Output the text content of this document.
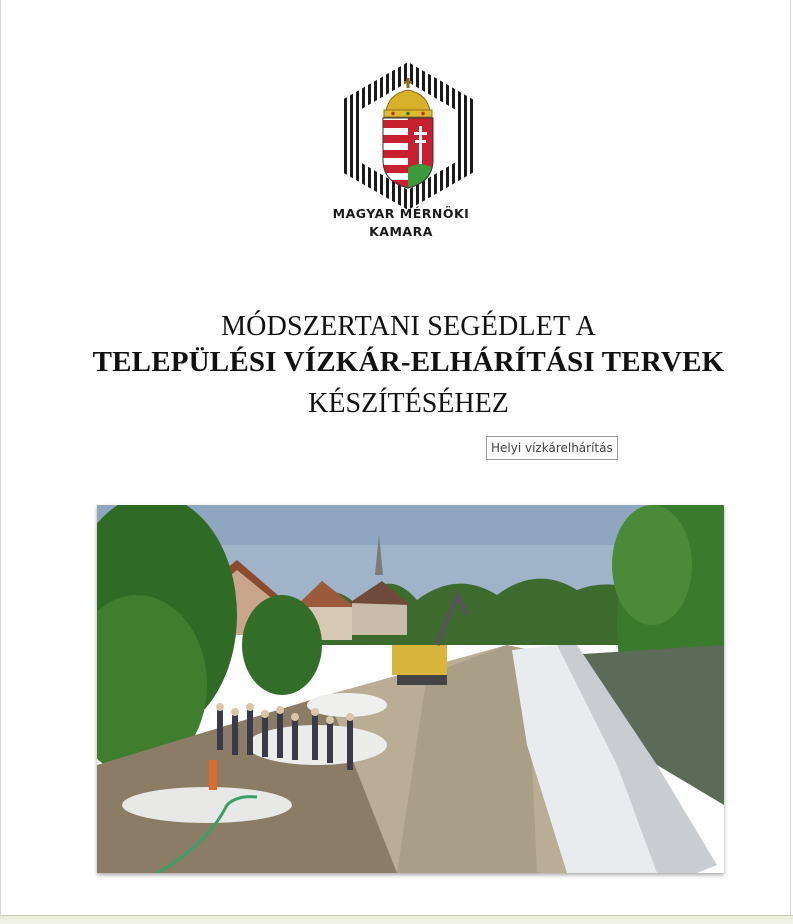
MAGYAR MÉRNÖKI
KAMARA
MÓDSZERTANI SEGÉDLET A
TELEPÜLÉSI VÍZKÁR-ELHÁRÍTÁSI TERVEK
KÉSZÍTÉSÉHEZ
Helyi vízkárelhárítás
